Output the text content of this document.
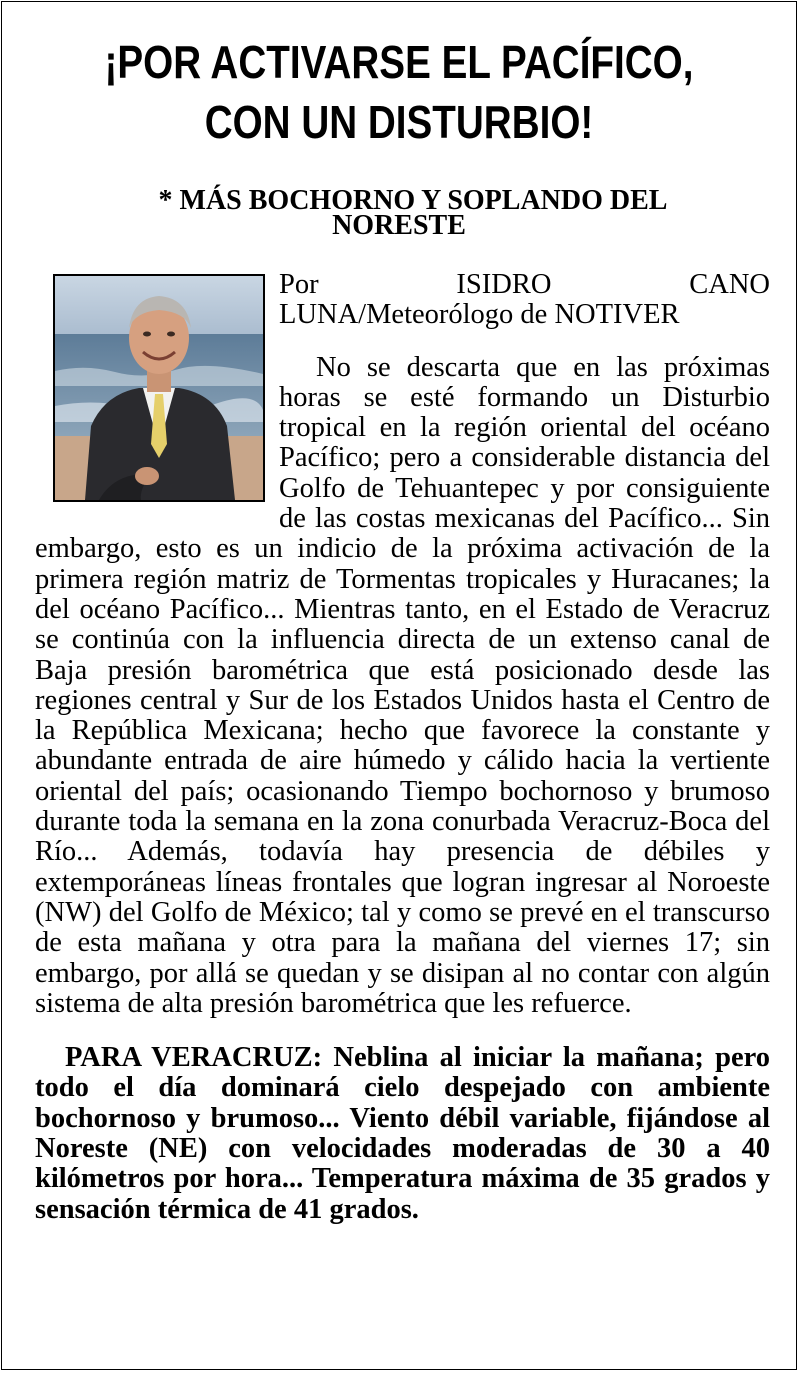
¡POR ACTIVARSE EL PACÍFICO,
CON UN DISTURBIO!
* MÁS BOCHORNO Y SOPLANDO DEL
NORESTE

Por ISIDRO CANO
LUNA/Meteorólogo de NOTIVER

No se descarta que en las próximas horas se esté formando un Disturbio tropical en la región oriental del océano Pacífico; pero a considerable distancia del Golfo de Tehuantepec y por consiguiente de las costas mexicanas del Pacífico... Sin embargo, esto es un indicio de la próxima activación de la primera región matriz de Tormentas tropicales y Huracanes; la del océano Pacífico... Mientras tanto, en el Estado de Veracruz se continúa con la influencia directa de un extenso canal de Baja presión barométrica que está posicionado desde las regiones central y Sur de los Estados Unidos hasta el Centro de la República Mexicana; hecho que favorece la constante y abundante entrada de aire húmedo y cálido hacia la vertiente oriental del país; ocasionando Tiempo bochornoso y brumoso durante toda la semana en la zona conurbada Veracruz-Boca del Río... Además, todavía hay presencia de débiles y extemporáneas líneas frontales que logran ingresar al Noroeste (NW) del Golfo de México; tal y como se prevé en el transcurso de esta mañana y otra para la mañana del viernes 17; sin embargo, por allá se quedan y se disipan al no contar con algún sistema de alta presión barométrica que les refuerce.

PARA VERACRUZ: Neblina al iniciar la mañana; pero todo el día dominará cielo despejado con ambiente bochornoso y brumoso... Viento débil variable, fijándose al Noreste (NE) con velocidades moderadas de 30 a 40 kilómetros por hora... Temperatura máxima de 35 grados y sensación térmica de 41 grados.
